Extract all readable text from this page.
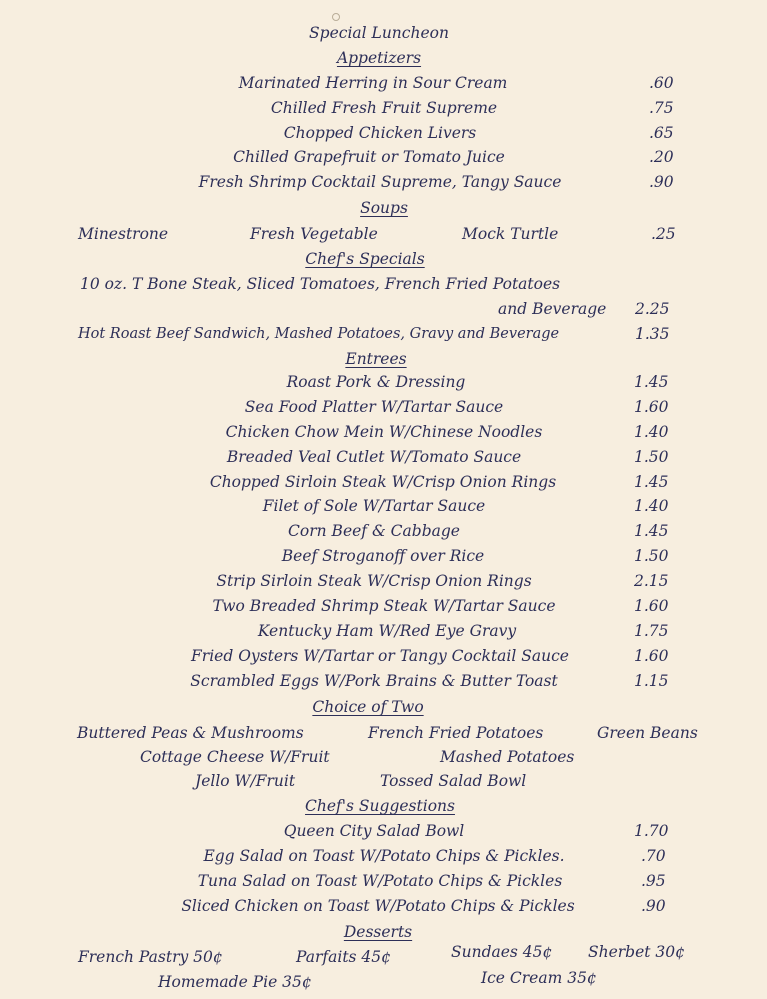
Special Luncheon
Appetizers
Marinated Herring in Sour Cream	.60
Chilled Fresh Fruit Supreme	.75
Chopped Chicken Livers	.65
Chilled Grapefruit or Tomato Juice	.20
Fresh Shrimp Cocktail Supreme, Tangy Sauce	.90
Soups
Minestrone	Fresh Vegetable	Mock Turtle	.25
Chef's Specials
10 oz. T Bone Steak, Sliced Tomatoes, French Fried Potatoes
and Beverage 2.25
Hot Roast Beef Sandwich, Mashed Potatoes, Gravy and Beverage	1.35
Entrees
Roast Pork & Dressing	1.45
Sea Food Platter W/Tartar Sauce	1.60
Chicken Chow Mein W/Chinese Noodles	1.40
Breaded Veal Cutlet W/Tomato Sauce	1.50
Chopped Sirloin Steak W/Crisp Onion Rings	1.45
Filet of Sole W/Tartar Sauce	1.40
Corn Beef & Cabbage	1.45
Beef Stroganoff over Rice	1.50
Strip Sirloin Steak W/Crisp Onion Rings	2.15
Two Breaded Shrimp Steak W/Tartar Sauce	1.60
Kentucky Ham W/Red Eye Gravy	1.75
Fried Oysters W/Tartar or Tangy Cocktail Sauce	1.60
Scrambled Eggs W/Pork Brains & Butter Toast	1.15
Choice of Two
Buttered Peas & Mushrooms	French Fried Potatoes	Green Beans
Cottage Cheese W/Fruit	Mashed Potatoes
Jello W/Fruit	Tossed Salad Bowl
Chef's Suggestions
Queen City Salad Bowl	1.70
Egg Salad on Toast W/Potato Chips & Pickles.	.70
Tuna Salad on Toast W/Potato Chips & Pickles	.95
Sliced Chicken on Toast W/Potato Chips & Pickles	.90
Desserts
French Pastry 50¢	Parfaits 45¢	Sundaes 45¢ Sherbet 30¢
Homemade Pie 35¢	Ice Cream 35¢
